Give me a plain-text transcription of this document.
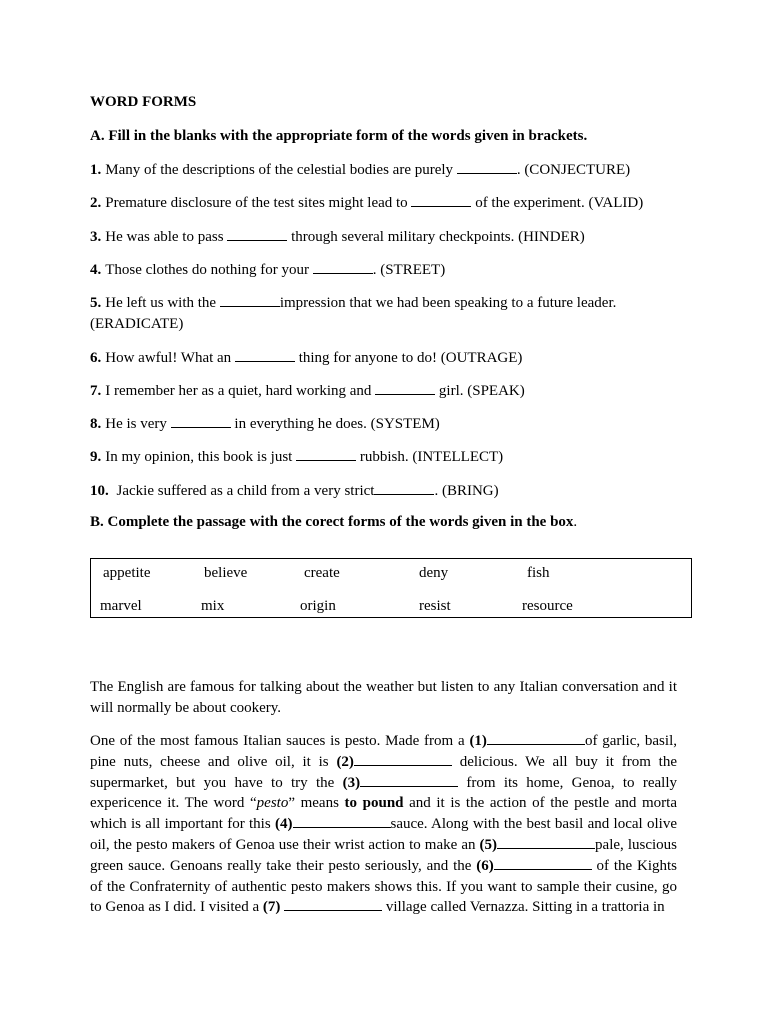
WORD FORMS
A. Fill in the blanks with the appropriate form of the words given in brackets.
1. Many of the descriptions of the celestial bodies are purely	. (CONJECTURE)
2. Premature disclosure of the test sites might lead to	of the experiment. (VALID)
3. He was able to pass	through several military checkpoints. (HINDER)
4. Those clothes do nothing for your	. (STREET)
5. He left us with the	impression that we had been speaking to a future leader. (ERADICATE)
6. How awful! What an	thing for anyone to do! (OUTRAGE)
7. I remember her as a quiet, hard working and	girl. (SPEAK)
8. He is very	in everything he does. (SYSTEM)
9. In my opinion, this book is just	rubbish. (INTELLECT)
10. Jackie suffered as a child from a very strict	. (BRING)
B. Complete the passage with the corect forms of the words given in the box.
appetite	believe	create	deny	fish
marvel	mix	origin	resist	resource
The English are famous for talking about the weather but listen to any Italian conversation and it will normally be about cookery.
One of the most famous Italian sauces is pesto. Made from a (1)	of garlic, basil, pine nuts, cheese and olive oil, it is (2)	delicious. We all buy it from the supermarket, but you have to try the (3)	from its home, Genoa, to really expericence it. The word “pesto” means to pound and it is the action of the pestle and morta which is all important for this (4)	sauce. Along with the best basil and local olive oil, the pesto makers of Genoa use their wrist action to make an (5)	pale, luscious green sauce. Genoans really take their pesto seriously, and the (6)	of the Kights of the Confraternity of authentic pesto makers shows this. If you want to sample their cusine, go to Genoa as I did. I visited a (7)	village called Vernazza. Sitting in a trattoria in
